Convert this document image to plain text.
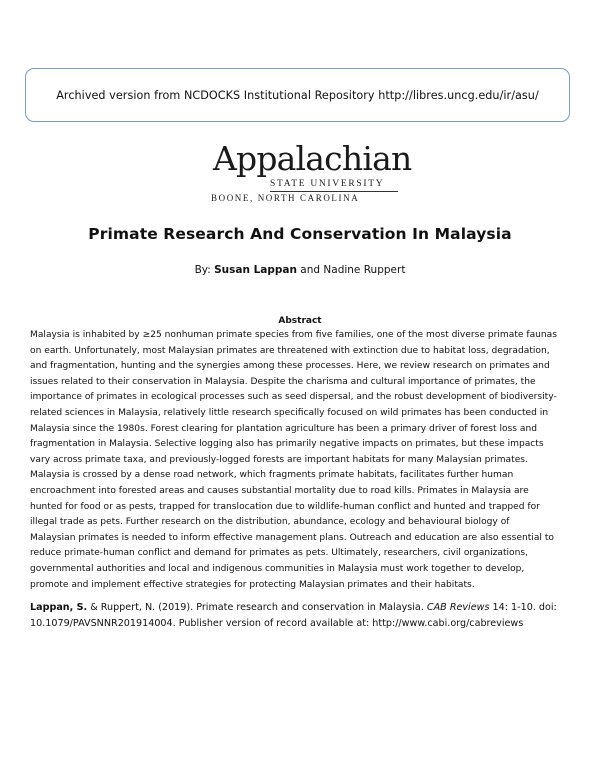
Archived version from NCDOCKS Institutional Repository http://libres.uncg.edu/ir/asu/
Appalachian
STATE UNIVERSITY
BOONE, NORTH CAROLINA
Primate Research And Conservation In Malaysia
By: Susan Lappan and Nadine Ruppert
Abstract
Malaysia is inhabited by ≥25 nonhuman primate species from five families, one of the most diverse primate faunas
on earth. Unfortunately, most Malaysian primates are threatened with extinction due to habitat loss, degradation,
and fragmentation, hunting and the synergies among these processes. Here, we review research on primates and
issues related to their conservation in Malaysia. Despite the charisma and cultural importance of primates, the
importance of primates in ecological processes such as seed dispersal, and the robust development of biodiversity-
related sciences in Malaysia, relatively little research specifically focused on wild primates has been conducted in
Malaysia since the 1980s. Forest clearing for plantation agriculture has been a primary driver of forest loss and
fragmentation in Malaysia. Selective logging also has primarily negative impacts on primates, but these impacts
vary across primate taxa, and previously-logged forests are important habitats for many Malaysian primates.
Malaysia is crossed by a dense road network, which fragments primate habitats, facilitates further human
encroachment into forested areas and causes substantial mortality due to road kills. Primates in Malaysia are
hunted for food or as pests, trapped for translocation due to wildlife-human conflict and hunted and trapped for
illegal trade as pets. Further research on the distribution, abundance, ecology and behavioural biology of
Malaysian primates is needed to inform effective management plans. Outreach and education are also essential to
reduce primate-human conflict and demand for primates as pets. Ultimately, researchers, civil organizations,
governmental authorities and local and indigenous communities in Malaysia must work together to develop,
promote and implement effective strategies for protecting Malaysian primates and their habitats.
Lappan, S. & Ruppert, N. (2019). Primate research and conservation in Malaysia. CAB Reviews 14: 1-10. doi:
10.1079/PAVSNNR201914004. Publisher version of record available at: http://www.cabi.org/cabreviews
